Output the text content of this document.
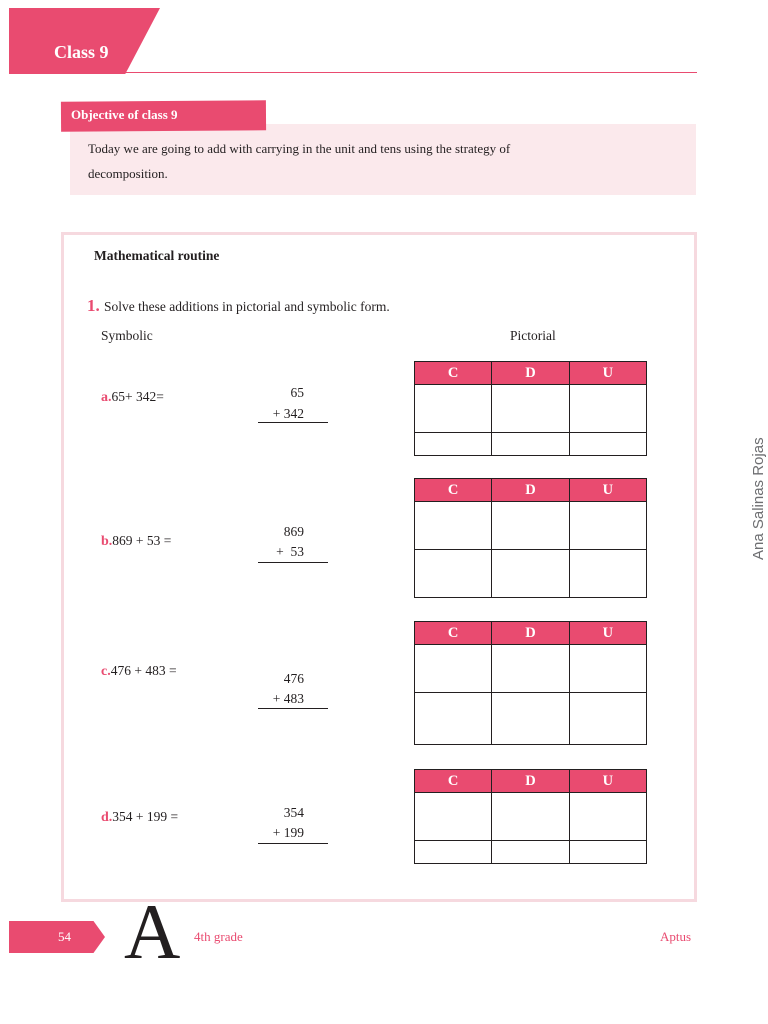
Class 9
Objective of class 9
Today we are going to add with carrying in the unit and tens using the strategy of
decomposition.
Mathematical routine
1. Solve these additions in pictorial and symbolic form.
Symbolic	Pictorial
a.65+ 342=	65
+ 342
C	D	U

b.869 + 53 =
869
+  53
C	D	U

c.476 + 483 =
476
+ 483
C	D	U

d.354 + 199 =	354
+ 199
C	D	U

Ana Salinas Rojas
54 A 4th grade	Aptus
